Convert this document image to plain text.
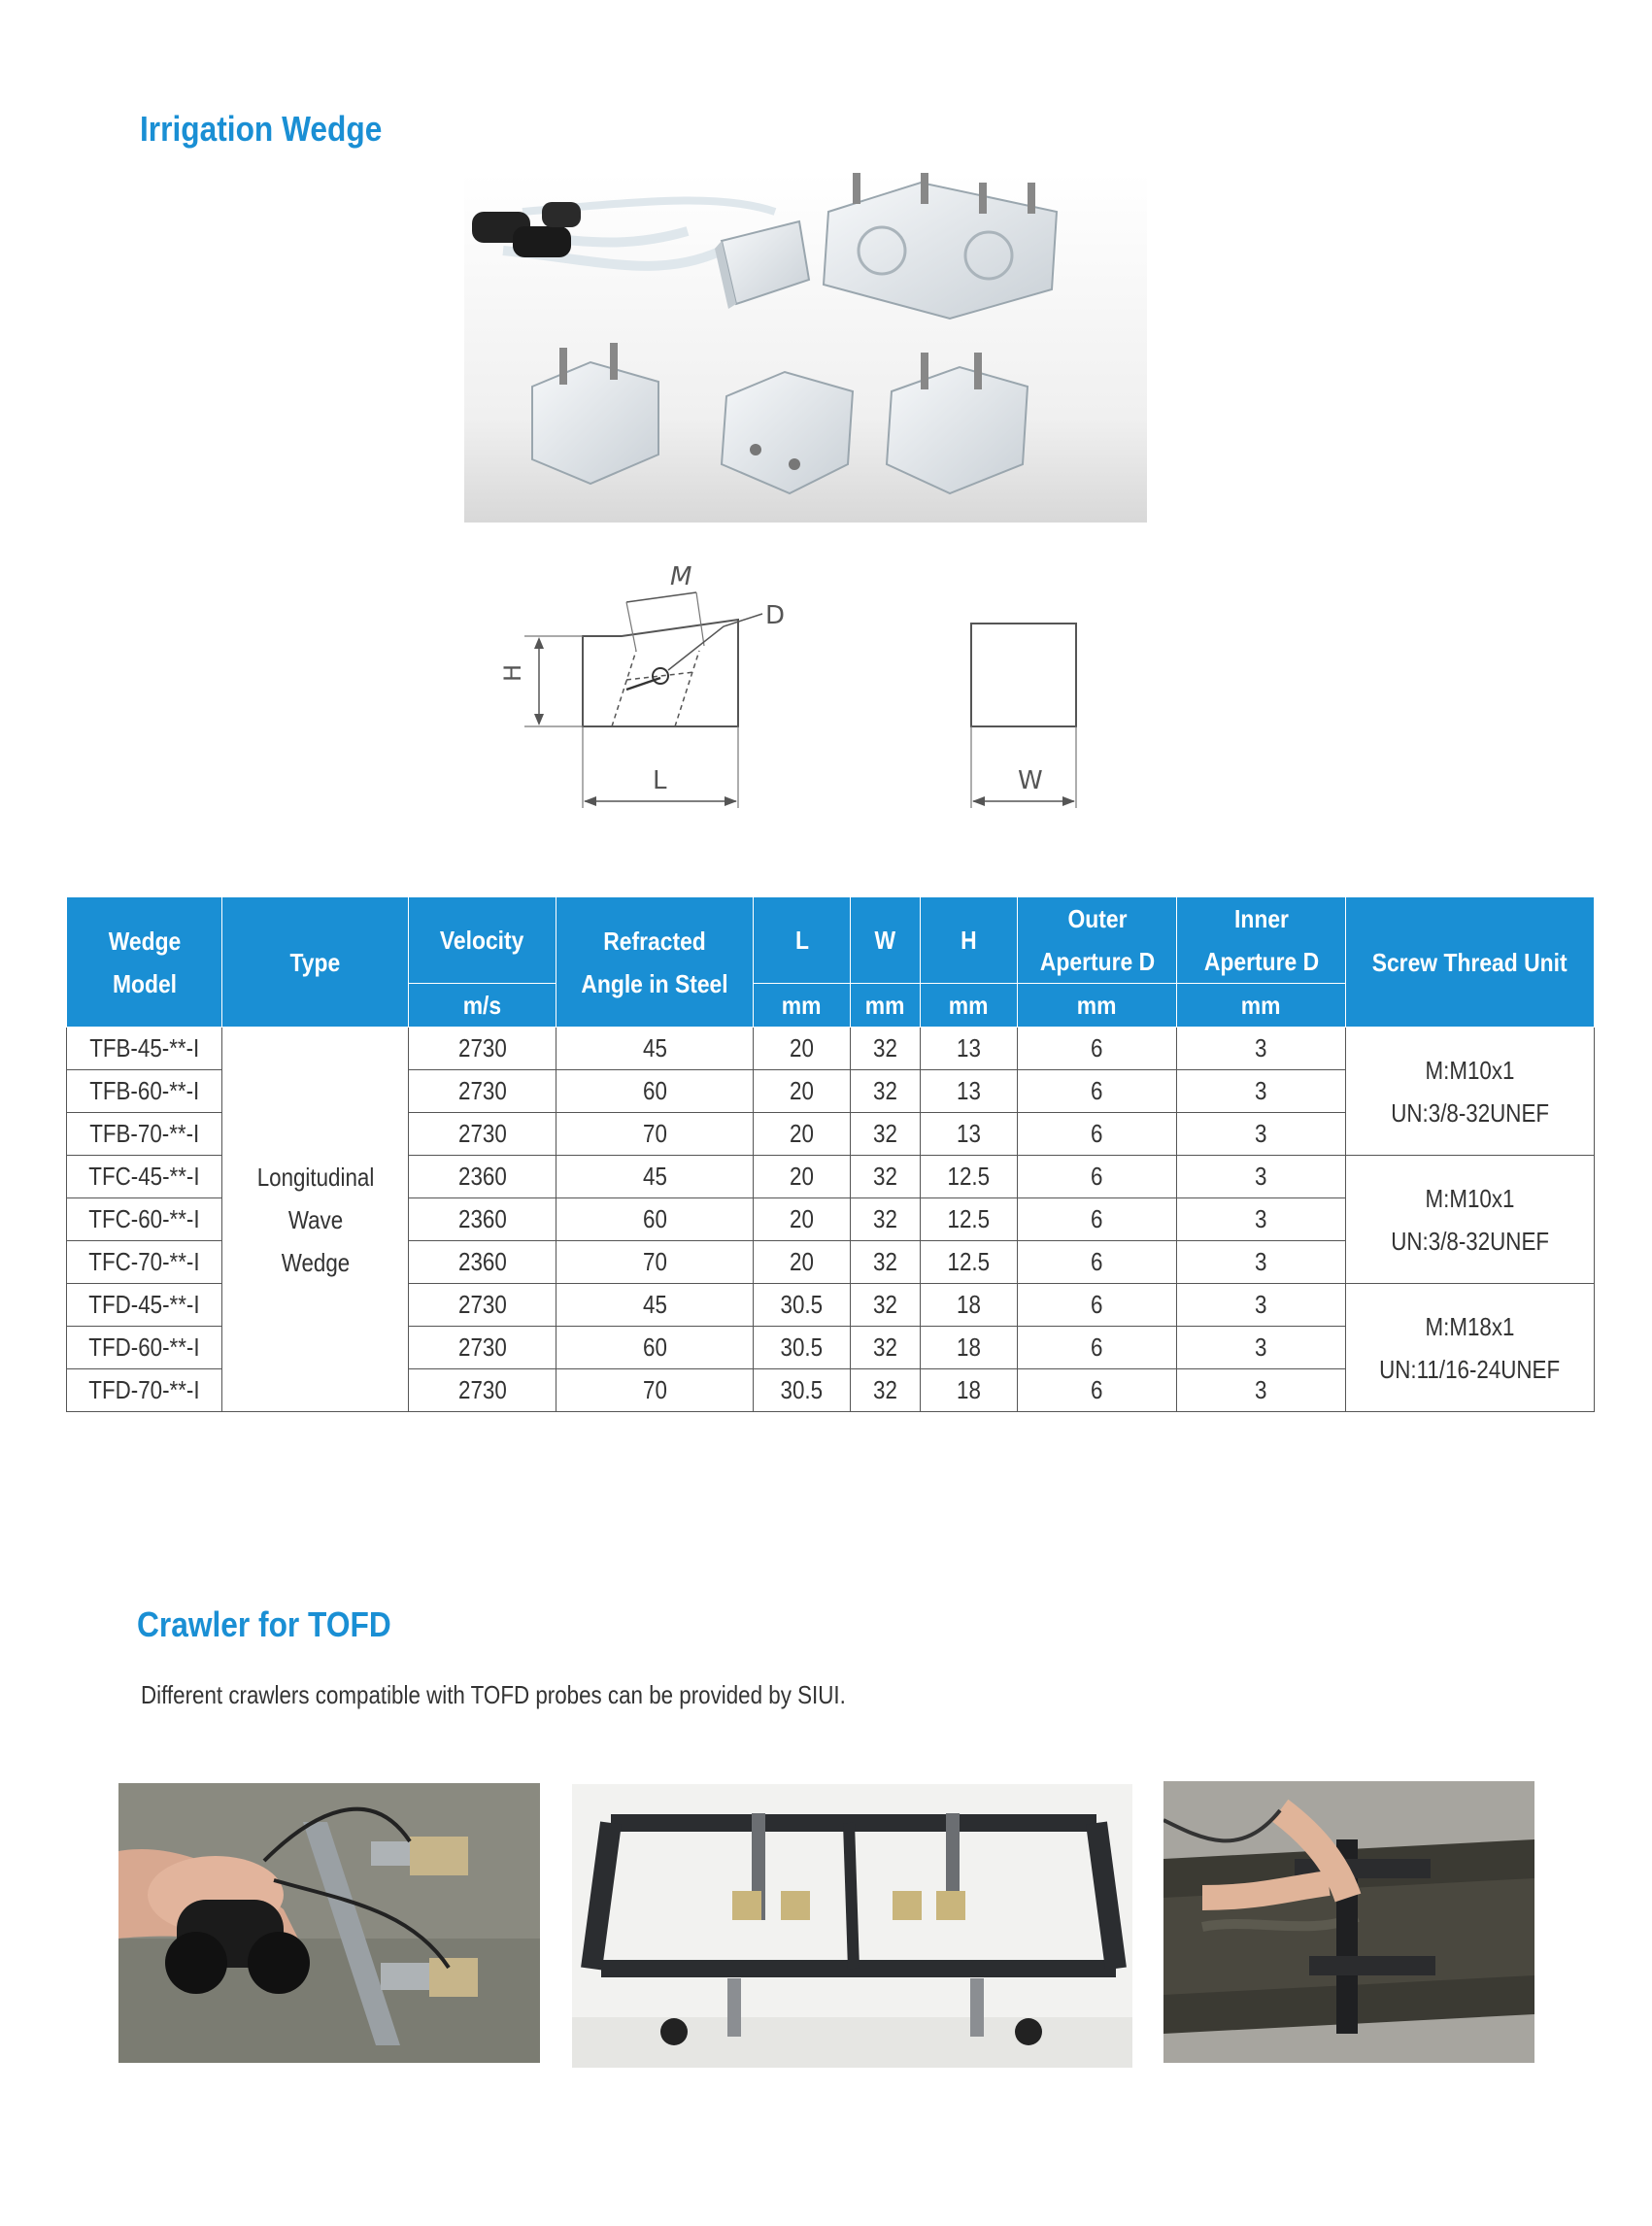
Irrigation Wedge
H
L
M
D
W
Wedge Model	Type	Velocity	Refracted Angle in Steel	L	W	H	Outer Aperture D	Inner Aperture D	Screw Thread Unit
		m/s		mm	mm	mm	mm	mm	
TFB-45-**-I	Longitudinal Wave Wedge	2730	45	20	32	13	6	3	M:M10x1
UN:3/8-32UNEF

TFB-60-**-I		2730	60	20	32	13	6	3	
TFB-70-**-I		2730	70	20	32	13	6	3	
TFC-45-**-I		2360	45	20	32	12.5	6	3	M:M10x1
UN:3/8-32UNEF

TFC-60-**-I		2360	60	20	32	12.5	6	3	
TFC-70-**-I		2360	70	20	32	12.5	6	3	
TFD-45-**-I		2730	45	30.5	32	18	6	3	M:M18x1
UN:11/16-24UNEF

TFD-60-**-I		2730	60	30.5	32	18	6	3	
TFD-70-**-I		2730	70	30.5	32	18	6	3	
Crawler for TOFD
Different crawlers compatible with TOFD probes can be provided by SIUI.
